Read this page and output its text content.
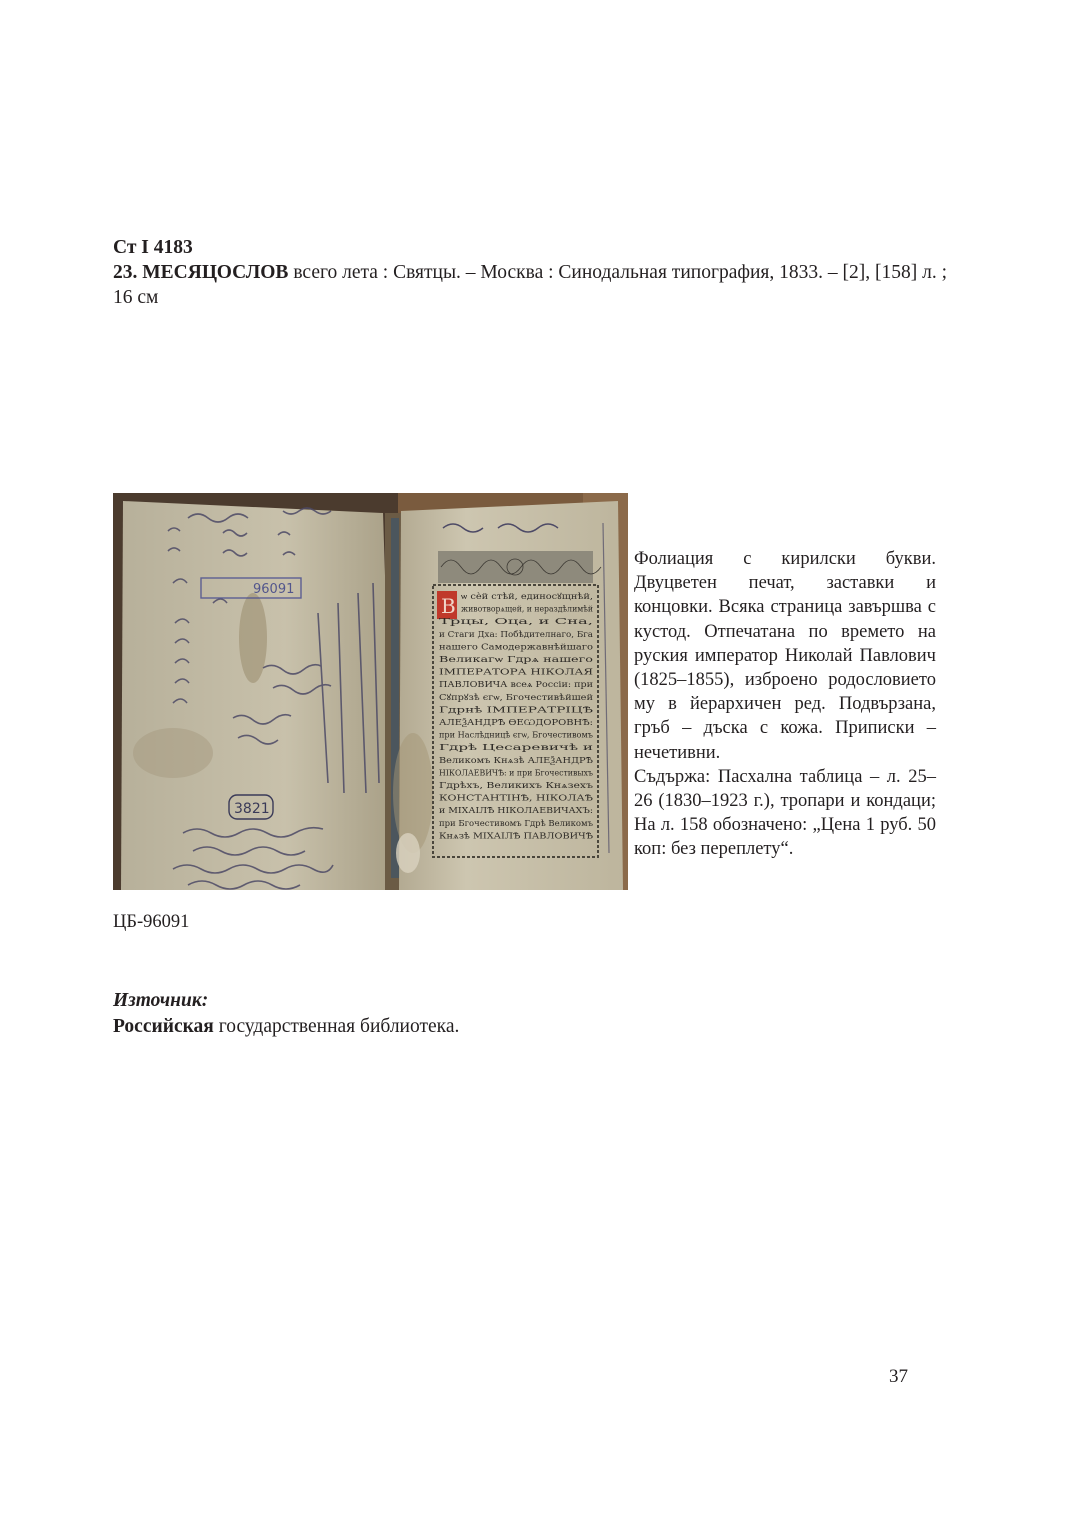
Ст I 4183
23. МЕСЯЦОСЛОВ всего лета : Святцы. – Москва : Синодальная типография, 1833. – [2], [158] л. ; 16 см
96091
3821
В ѡ сѐй стѣй, единосꙋщнѣй,
животворѧщей, и нераздѣлимѣй
Трцы, Оца, и Сна,
и Стаги Дха: Побѣдителнаго, Бга
нашего Самодержавнѣйшаго
Великагѡ Гдрѧ нашего
ІМПЕРАТОРА НІКОЛАЯ
ПАВЛОВИЧА всеѧ Россіи: при
Сꙋпрꙋзѣ єгѡ, Бгочестивѣйшей
Гдрнѣ ІМПЕРАТРІЦѢ
АЛЕѮАНДРѢ ѲЕѠДОРОВНѢ:
при Наслѣдницѣ єгѡ, Бгочестивомъ
Гдрѣ Цесаревичѣ и
Великомъ Кнѧзѣ АЛЕѮАНДРѢ
НІКОЛАЕВИЧѢ: и при Бгочестивыхъ
Гдрѣхъ, Великихъ Кнѧзехъ
КОНСТАНТІНѢ, НІКОЛАѢ
и МІХАІЛѢ НІКОЛАЕВИЧАХЪ:
при Бгочестивомъ Гдрѣ Великомъ
Кнѧзѣ МІХАІЛѢ ПАВЛОВИЧѢ

Фолиация с кирилски букви. Двуцветен печат, заставки и концовки. Всяка страница завършва с кустод. Отпечатана по времето на руския император Николай Павлович (1825–1855), изброено родословието му в йерархичен ред. Подвързана, гръб – дъска с кожа. Приписки – нечетивни.

Съдържа: Пасхална таблица – л. 25–26 (1830–1923 г.), тропари и кондаци; На л. 158 обозначено: „Цена 1 руб. 50 коп: без переплету“.

ЦБ-96091
Източник:
Российская государственная библиотека.
37
